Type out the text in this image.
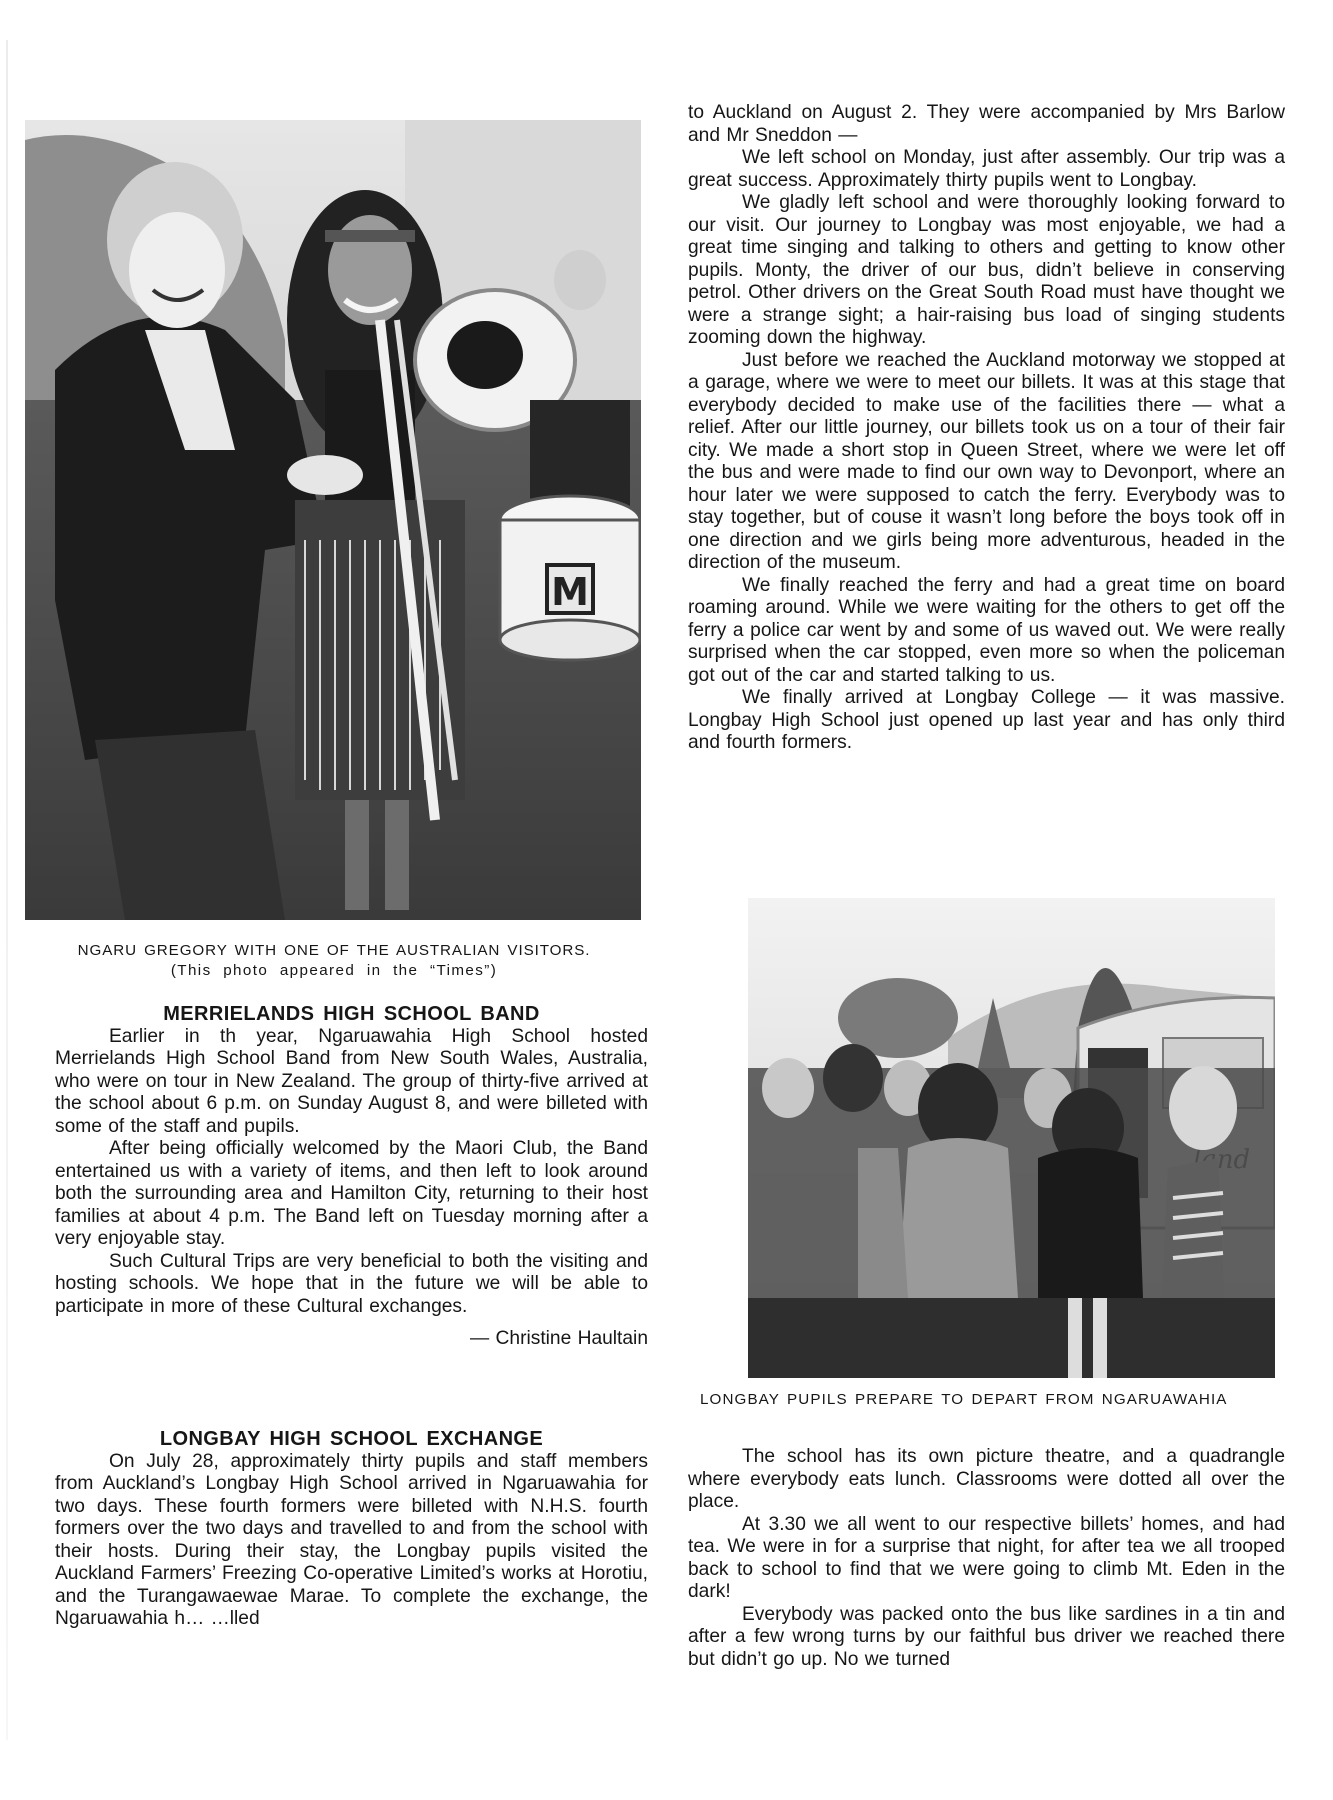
M
NGARU GREGORY WITH ONE OF THE AUSTRALIAN VISITORS.
(This photo appeared in the “Times”)
MERRIELANDS HIGH SCHOOL BAND

Earlier in th year, Ngaruawahia High School hosted Merrielands High School Band from New South Wales, Australia, who were on tour in New Zealand. The group of thirty-five arrived at the school about 6 p.m. on Sunday August 8, and were billeted with some of the staff and pupils.

After being officially welcomed by the Maori Club, the Band entertained us with a variety of items, and then left to look around both the surrounding area and Hamilton City, returning to their host families at about 4 p.m. The Band left on Tuesday morning after a very enjoyable stay.

Such Cultural Trips are very beneficial to both the visiting and hosting schools. We hope that in the future we will be able to participate in more of these Cultural exchanges.

— Christine Haultain

LONGBAY HIGH SCHOOL EXCHANGE

On July 28, approximately thirty pupils and staff members from Auckland’s Longbay High School arrived in Ngaruawahia for two days. These fourth formers were billeted with N.H.S. fourth formers over the two days and travelled to and from the school with their hosts. During their stay, the Longbay pupils visited the Auckland Farmers’ Freezing Co-operative Limited’s works at Horotiu, and the Turangawaewae Marae. To complete the exchange, the Ngaruawahia h… …lled

to Auckland on August 2. They were accompanied by Mrs Barlow and Mr Sneddon —

We left school on Monday, just after assembly. Our trip was a great success. Approximately thirty pupils went to Longbay.

We gladly left school and were thoroughly looking forward to our visit. Our journey to Longbay was most enjoyable, we had a great time singing and talking to others and getting to know other pupils. Monty, the driver of our bus, didn’t believe in conserving petrol. Other drivers on the Great South Road must have thought we were a strange sight; a hair-raising bus load of singing students zooming down the highway.

Just before we reached the Auckland motorway we stopped at a garage, where we were to meet our billets. It was at this stage that everybody decided to make use of the facilities there — what a relief. After our little journey, our billets took us on a tour of their fair city. We made a short stop in Queen Street, where we were let off the bus and were made to find our own way to Devonport, where an hour later we were supposed to catch the ferry. Everybody was to stay together, but of couse it wasn’t long before the boys took off in one direction and we girls being more adventurous, headed in the direction of the museum.

We finally reached the ferry and had a great time on board roaming around. While we were waiting for the others to get off the ferry a police car went by and some of us waved out. We were really surprised when the car stopped, even more so when the policeman got out of the car and started talking to us.

We finally arrived at Longbay College — it was massive. Longbay High School just opened up last year and has only third and fourth formers.

LONGBAY PUPILS PREPARE TO DEPART FROM NGARUAWAHIA

The school has its own picture theatre, and a quadrangle where everybody eats lunch. Classrooms were dotted all over the place.

At 3.30 we all went to our respective billets’ homes, and had tea. We were in for a surprise that night, for after tea we all trooped back to school to find that we were going to climb Mt. Eden in the dark!

Everybody was packed onto the bus like sardines in a tin and after a few wrong turns by our faithful bus driver we reached there but didn’t go up. No we turned
